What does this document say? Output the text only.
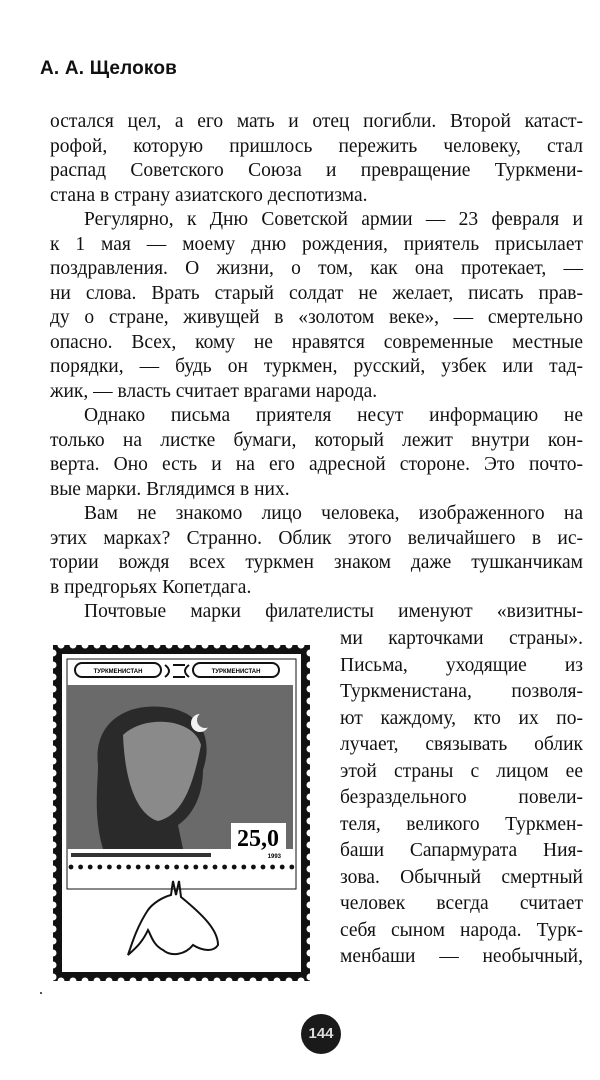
А. А. Щелоков
остался цел, а его мать и отец погибли. Второй катаст-
рофой, которую пришлось пережить человеку, стал
распад Советского Союза и превращение Туркмени-
стана в страну азиатского деспотизма.
Регулярно, к Дню Советской армии — 23 февраля и
к 1 мая — моему дню рождения, приятель присылает
поздравления. О жизни, о том, как она протекает, —
ни слова. Врать старый солдат не желает, писать прав-
ду о стране, живущей в «золотом веке», — смертельно
опасно. Всех, кому не нравятся современные местные
порядки, — будь он туркмен, русский, узбек или тад-
жик, — власть считает врагами народа.
Однако письма приятеля несут информацию не
только на листке бумаги, который лежит внутри кон-
верта. Оно есть и на его адресной стороне. Это почто-
вые марки. Вглядимся в них.
Вам не знакомо лицо человека, изображенного на
этих марках? Странно. Облик этого величайшего в ис-
тории вождя всех туркмен знаком даже тушканчикам
в предгорьях Копетдага.
Почтовые марки филателисты именуют «визитны-
ми карточками страны».
Письма, уходящие из
Туркменистана, позволя-
ют каждому, кто их по-
лучает, связывать облик
этой страны с лицом ее
безраздельного повели-
теля, великого Туркмен-
баши Сапармурата Ния-
зова. Обычный смертный
человек всегда считает
себя сыном народа. Турк-
менбаши — необычный,
ТУРКМЕНИСТАН	ТУРКМЕНИСТАН
25,0
1993
144
